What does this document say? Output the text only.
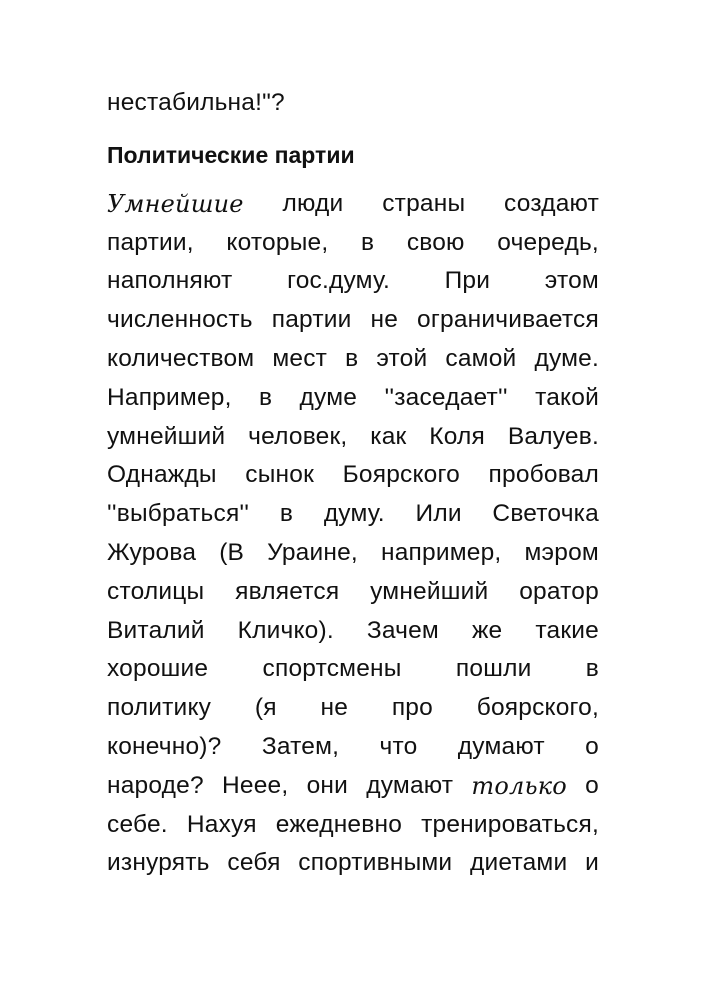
нестабильна!"?
Политические партии
Умнейшие люди страны создают
партии, которые, в свою очередь,
наполняют гос.думу. При этом
численность партии не ограничивается
количеством мест в этой самой думе.
Например, в думе ''заседает'' такой
умнейший человек, как Коля Валуев.
Однажды сынок Боярского пробовал
''выбраться'' в думу. Или Светочка
Журова (В Ураине, например, мэром
столицы является умнейший оратор
Виталий Кличко). Зачем же такие
хорошие спортсмены пошли в
политику (я не про боярского,
конечно)? Затем, что думают о
народе? Неее, они думают только о
себе. Нахуя ежедневно тренироваться,
изнурять себя спортивными диетами и
